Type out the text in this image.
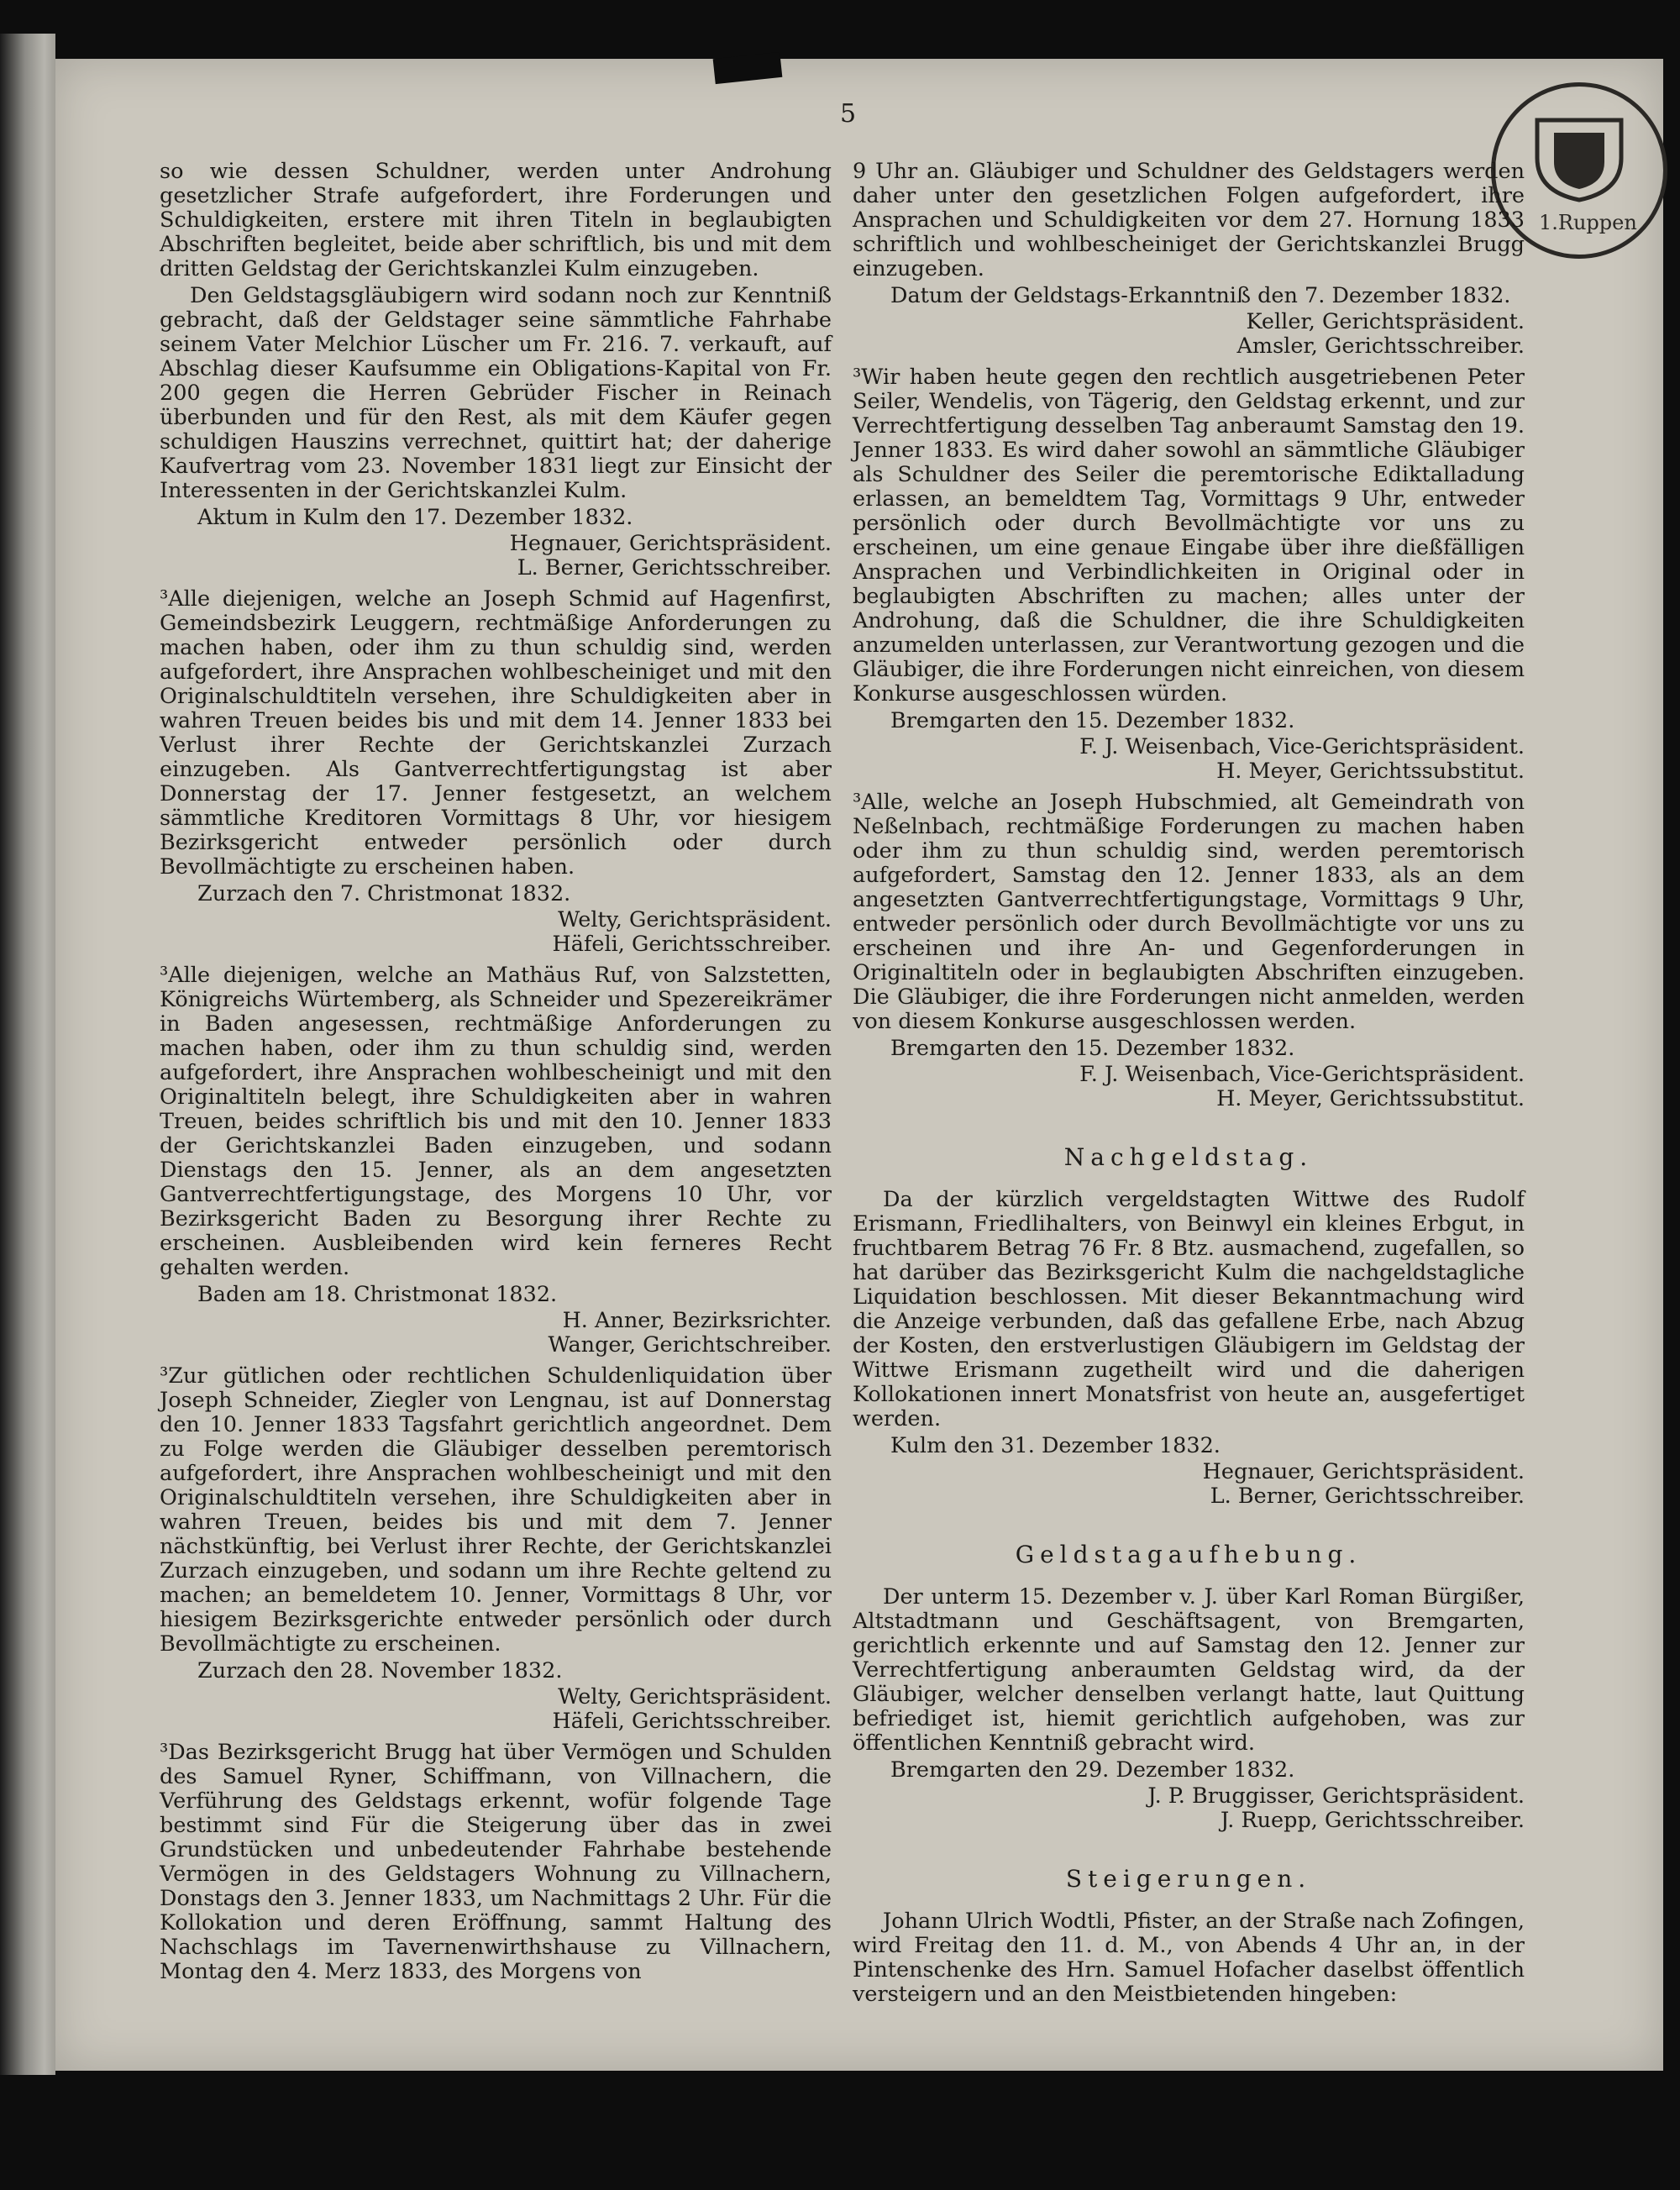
5
1.Ruppen

so wie dessen Schuldner, werden unter Androhung gesetzlicher Strafe aufgefordert, ihre Forderungen und Schuldigkeiten, erstere mit ihren Titeln in beglaubigten Abschriften begleitet, beide aber schriftlich, bis und mit dem dritten Geldstag der Gerichtskanzlei Kulm einzugeben.

Den Geldstagsgläubigern wird sodann noch zur Kenntniß gebracht, daß der Geldstager seine sämmtliche Fahrhabe seinem Vater Melchior Lüscher um Fr. 216. 7. verkauft, auf Abschlag dieser Kaufsumme ein Obligations-Kapital von Fr. 200 gegen die Herren Gebrüder Fischer in Reinach überbunden und für den Rest, als mit dem Käufer gegen schuldigen Hauszins verrechnet, quittirt hat; der daherige Kaufvertrag vom 23. November 1831 liegt zur Einsicht der Interessenten in der Gerichtskanzlei Kulm.

Aktum in Kulm den 17. Dezember 1832.

Hegnauer, Gerichtspräsident.

L. Berner, Gerichtsschreiber.

³Alle diejenigen, welche an Joseph Schmid auf Hagenfirst, Gemeindsbezirk Leuggern, rechtmäßige Anforderungen zu machen haben, oder ihm zu thun schuldig sind, werden aufgefordert, ihre Ansprachen wohlbescheiniget und mit den Originalschuldtiteln versehen, ihre Schuldigkeiten aber in wahren Treuen beides bis und mit dem 14. Jenner 1833 bei Verlust ihrer Rechte der Gerichtskanzlei Zurzach einzugeben. Als Gantverrechtfertigungstag ist aber Donnerstag der 17. Jenner festgesetzt, an welchem sämmtliche Kreditoren Vormittags 8 Uhr, vor hiesigem Bezirksgericht entweder persönlich oder durch Bevollmächtigte zu erscheinen haben.

Zurzach den 7. Christmonat 1832.

Welty, Gerichtspräsident.

Häfeli, Gerichtsschreiber.

³Alle diejenigen, welche an Mathäus Ruf, von Salzstetten, Königreichs Würtemberg, als Schneider und Spezereikrämer in Baden angesessen, rechtmäßige Anforderungen zu machen haben, oder ihm zu thun schuldig sind, werden aufgefordert, ihre Ansprachen wohlbescheinigt und mit den Originaltiteln belegt, ihre Schuldigkeiten aber in wahren Treuen, beides schriftlich bis und mit den 10. Jenner 1833 der Gerichtskanzlei Baden einzugeben, und sodann Dienstags den 15. Jenner, als an dem angesetzten Gantverrechtfertigungstage, des Morgens 10 Uhr, vor Bezirksgericht Baden zu Besorgung ihrer Rechte zu erscheinen. Ausbleibenden wird kein ferneres Recht gehalten werden.

Baden am 18. Christmonat 1832.

H. Anner, Bezirksrichter.

Wanger, Gerichtschreiber.

³Zur gütlichen oder rechtlichen Schuldenliquidation über Joseph Schneider, Ziegler von Lengnau, ist auf Donnerstag den 10. Jenner 1833 Tagsfahrt gerichtlich angeordnet. Dem zu Folge werden die Gläubiger desselben peremtorisch aufgefordert, ihre Ansprachen wohlbescheinigt und mit den Originalschuldtiteln versehen, ihre Schuldigkeiten aber in wahren Treuen, beides bis und mit dem 7. Jenner nächstkünftig, bei Verlust ihrer Rechte, der Gerichtskanzlei Zurzach einzugeben, und sodann um ihre Rechte geltend zu machen; an bemeldetem 10. Jenner, Vormittags 8 Uhr, vor hiesigem Bezirksgerichte entweder persönlich oder durch Bevollmächtigte zu erscheinen.

Zurzach den 28. November 1832.

Welty, Gerichtspräsident.

Häfeli, Gerichtsschreiber.

³Das Bezirksgericht Brugg hat über Vermögen und Schulden des Samuel Ryner, Schiffmann, von Villnachern, die Verführung des Geldstags erkennt, wofür folgende Tage bestimmt sind Für die Steigerung über das in zwei Grundstücken und unbedeutender Fahrhabe bestehende Vermögen in des Geldstagers Wohnung zu Villnachern, Donstags den 3. Jenner 1833, um Nachmittags 2 Uhr. Für die Kollokation und deren Eröffnung, sammt Haltung des Nachschlags im Tavernenwirthshause zu Villnachern, Montag den 4. Merz 1833, des Morgens von

9 Uhr an. Gläubiger und Schuldner des Geldstagers werden daher unter den gesetzlichen Folgen aufgefordert, ihre Ansprachen und Schuldigkeiten vor dem 27. Hornung 1833 schriftlich und wohlbescheiniget der Gerichtskanzlei Brugg einzugeben.

Datum der Geldstags-Erkanntniß den 7. Dezember 1832.

Keller, Gerichtspräsident.

Amsler, Gerichtsschreiber.

³Wir haben heute gegen den rechtlich ausgetriebenen Peter Seiler, Wendelis, von Tägerig, den Geldstag erkennt, und zur Verrechtfertigung desselben Tag anberaumt Samstag den 19. Jenner 1833. Es wird daher sowohl an sämmtliche Gläubiger als Schuldner des Seiler die peremtorische Ediktalladung erlassen, an bemeldtem Tag, Vormittags 9 Uhr, entweder persönlich oder durch Bevollmächtigte vor uns zu erscheinen, um eine genaue Eingabe über ihre dießfälligen Ansprachen und Verbindlichkeiten in Original oder in beglaubigten Abschriften zu machen; alles unter der Androhung, daß die Schuldner, die ihre Schuldigkeiten anzumelden unterlassen, zur Verantwortung gezogen und die Gläubiger, die ihre Forderungen nicht einreichen, von diesem Konkurse ausgeschlossen würden.

Bremgarten den 15. Dezember 1832.

F. J. Weisenbach, Vice-Gerichtspräsident.

H. Meyer, Gerichtssubstitut.

³Alle, welche an Joseph Hubschmied, alt Gemeindrath von Neßelnbach, rechtmäßige Forderungen zu machen haben oder ihm zu thun schuldig sind, werden peremtorisch aufgefordert, Samstag den 12. Jenner 1833, als an dem angesetzten Gantverrechtfertigungstage, Vormittags 9 Uhr, entweder persönlich oder durch Bevollmächtigte vor uns zu erscheinen und ihre An- und Gegenforderungen in Originaltiteln oder in beglaubigten Abschriften einzugeben. Die Gläubiger, die ihre Forderungen nicht anmelden, werden von diesem Konkurse ausgeschlossen werden.

Bremgarten den 15. Dezember 1832.

F. J. Weisenbach, Vice-Gerichtspräsident.

H. Meyer, Gerichtssubstitut.

Nachgeldstag.

Da der kürzlich vergeldstagten Wittwe des Rudolf Erismann, Friedlihalters, von Beinwyl ein kleines Erbgut, in fruchtbarem Betrag 76 Fr. 8 Btz. ausmachend, zugefallen, so hat darüber das Bezirksgericht Kulm die nachgeldstagliche Liquidation beschlossen. Mit dieser Bekanntmachung wird die Anzeige verbunden, daß das gefallene Erbe, nach Abzug der Kosten, den erstverlustigen Gläubigern im Geldstag der Wittwe Erismann zugetheilt wird und die daherigen Kollokationen innert Monatsfrist von heute an, ausgefertiget werden.

Kulm den 31. Dezember 1832.

Hegnauer, Gerichtspräsident.

L. Berner, Gerichtsschreiber.

Geldstagaufhebung.

Der unterm 15. Dezember v. J. über Karl Roman Bürgißer, Altstadtmann und Geschäftsagent, von Bremgarten, gerichtlich erkennte und auf Samstag den 12. Jenner zur Verrechtfertigung anberaumten Geldstag wird, da der Gläubiger, welcher denselben verlangt hatte, laut Quittung befriediget ist, hiemit gerichtlich aufgehoben, was zur öffentlichen Kenntniß gebracht wird.

Bremgarten den 29. Dezember 1832.

J. P. Bruggisser, Gerichtspräsident.

J. Ruepp, Gerichtsschreiber.

Steigerungen.

Johann Ulrich Wodtli, Pfister, an der Straße nach Zofingen, wird Freitag den 11. d. M., von Abends 4 Uhr an, in der Pintenschenke des Hrn. Samuel Hofacher daselbst öffentlich versteigern und an den Meistbietenden hingeben:
